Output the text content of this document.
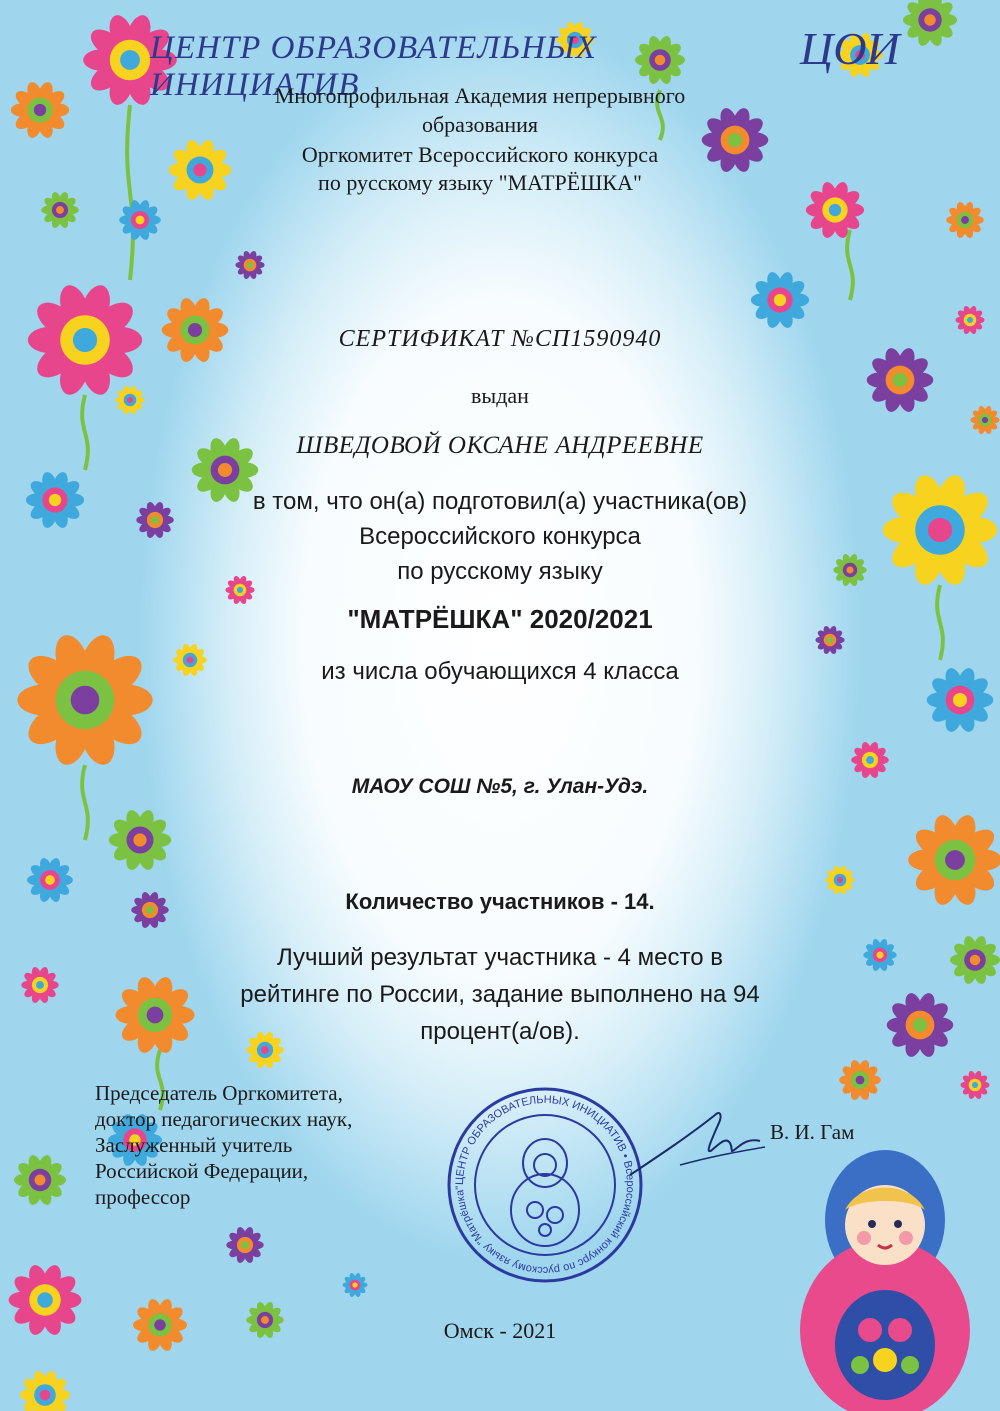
ЦЕНТР ОБРАЗОВАТЕЛЬНЫХ ИНИЦИАТИВ
ЦОИ
Многопрофильная Академия непрерывного
образования
Оргкомитет Всероссийского конкурса
по русскому языку "МАТРЁШКА"
СЕРТИФИКАТ №СП1590940
выдан
ШВЕДОВОЙ ОКСАНЕ АНДРЕЕВНЕ
в том, что он(а) подготовил(а) участника(ов)
Всероссийского конкурса
по русскому языку
"МАТРЁШКА" 2020/2021
из числа обучающихся 4 класса
МАОУ СОШ №5, г. Улан-Удэ.
Количество участников - 14.
Лучший результат участника - 4 место в
рейтинге по России, задание выполнено на 94
процент(а/ов).
Председатель Оргкомитета,
доктор педагогических наук,
Заслуженный учитель
Российской Федерации,
профессор
ЦЕНТР ОБРАЗОВАТЕЛЬНЫХ ИНИЦИАТИВ • Всероссийский конкурс по русскому языку "Матрёшка"
В. И. Гам
Омск - 2021
